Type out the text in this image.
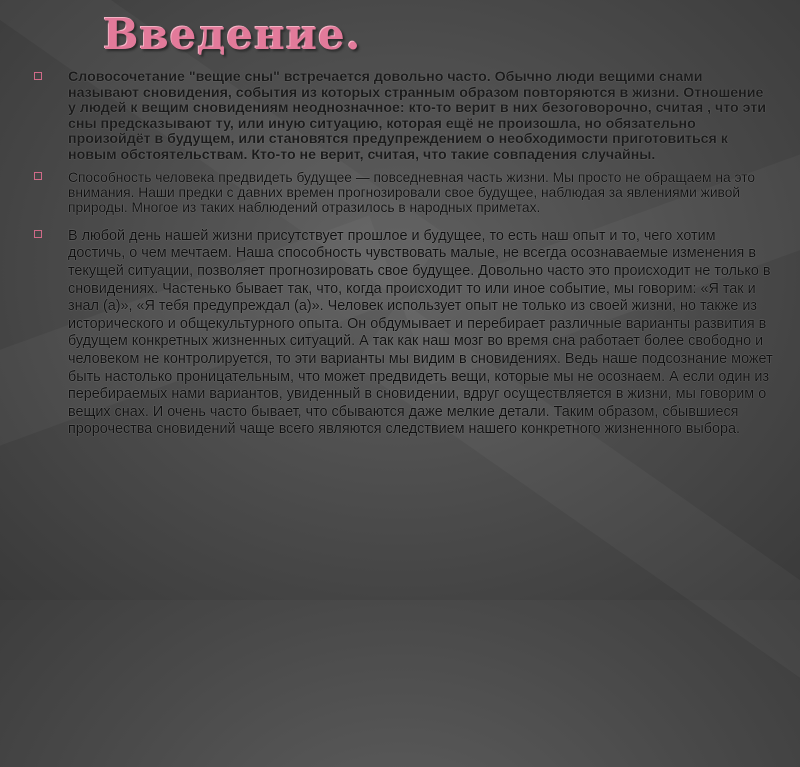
Введение.

Словосочетание "вещие сны" встречается довольно часто. Обычно люди вещими снами называют сновидения, события из которых странным образом повторяются в жизни. Отношение у людей к вещим сновидениям неоднозначное: кто-то верит в них безоговорочно, считая , что эти сны предсказывают ту, или иную ситуацию, которая ещё не произошла, но обязательно произойдёт в будущем, или становятся предупреждением о необходимости приготовиться к новым обстоятельствам. Кто-то не верит, считая, что такие совпадения случайны.

Способность человека предвидеть будущее — повседневная часть жизни. Мы просто не обращаем на это внимания. Наши предки с давних времен прогнозировали свое будущее, наблюдая за явлениями живой природы. Многое из таких наблюдений отразилось в народных приметах.

В любой день нашей жизни присутствует прошлое и будущее, то есть наш опыт и то, чего хотим достичь, о чем мечтаем. Наша способность чувствовать малые, не всегда осознаваемые изменения в текущей ситуации, позволяет прогнозировать свое будущее. Довольно часто это происходит не только в сновидениях. Частенько бывает так, что, когда происходит то или иное событие, мы говорим: «Я так и знал (а)», «Я тебя предупреждал (а)». Человек использует опыт не только из своей жизни, но также из исторического и общекультурного опыта. Он обдумывает и перебирает различные варианты развития в будущем конкретных жизненных ситуаций. А так как наш мозг во время сна работает более свободно и человеком не контролируется, то эти варианты мы видим в сновидениях. Ведь наше подсознание может быть настолько проницательным, что может предвидеть вещи, которые мы не осознаем. А если один из перебираемых нами вариантов, увиденный в сновидении, вдруг осуществляется в жизни, мы говорим о вещих снах. И очень часто бывает, что сбываются даже мелкие детали. Таким образом, сбывшиеся пророчества сновидений чаще всего являются следствием нашего конкретного жизненного выбора.
